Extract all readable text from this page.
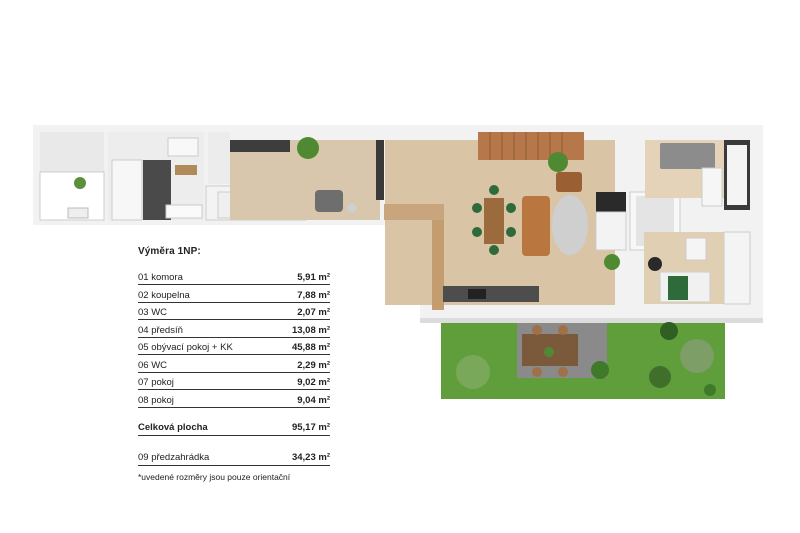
Výměra 1NP:
01 komora	5,91 m²
02 koupelna	7,88 m²
03 WC	2,07 m²
04 předsíň	13,08 m²
05 obývací pokoj + KK	45,88 m²
06 WC	2,29 m²
07 pokoj	9,02 m²
08 pokoj	9,04 m²
Celková plocha	95,17 m²
09 předzahrádka	34,23 m²
*uvedené rozměry jsou pouze orientační
